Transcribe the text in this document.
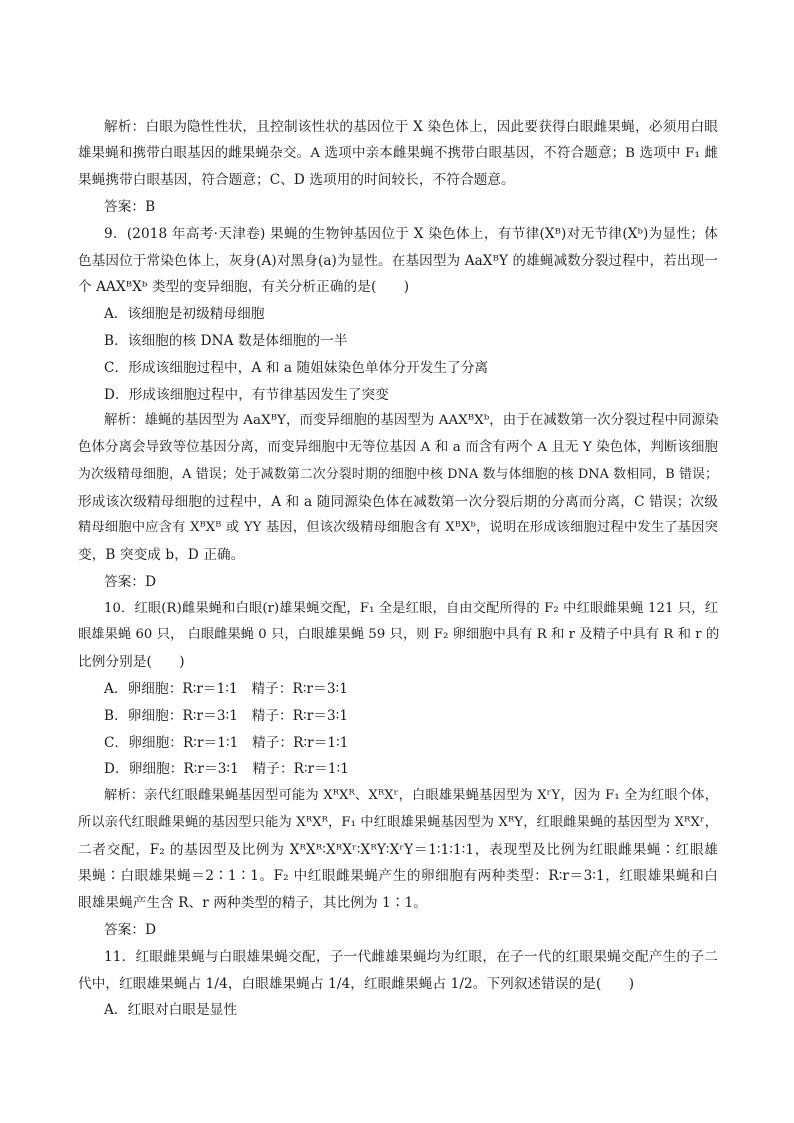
解析：白眼为隐性性状，且控制该性状的基因位于 X 染色体上，因此要获得白眼雌果蝇，必须用白眼
雄果蝇和携带白眼基因的雌果蝇杂交。A 选项中亲本雌果蝇不携带白眼基因，不符合题意；B 选项中 F₁ 雌
果蝇携带白眼基因，符合题意；C、D 选项用的时间较长，不符合题意。
答案：B
9．(2018 年高考·天津卷) 果蝇的生物钟基因位于 X 染色体上，有节律(Xᴮ)对无节律(Xᵇ)为显性；体
色基因位于常染色体上，灰身(A)对黑身(a)为显性。在基因型为 AaXᴮY 的雄蝇减数分裂过程中，若出现一
个 AAXᴮXᵇ 类型的变异细胞，有关分析正确的是(　　)
A．该细胞是初级精母细胞
B．该细胞的核 DNA 数是体细胞的一半
C．形成该细胞过程中，A 和 a 随姐妹染色单体分开发生了分离
D．形成该细胞过程中，有节律基因发生了突变
解析：雄蝇的基因型为 AaXᴮY，而变异细胞的基因型为 AAXᴮXᵇ，由于在减数第一次分裂过程中同源染
色体分离会导致等位基因分离，而变异细胞中无等位基因 A 和 a 而含有两个 A 且无 Y 染色体，判断该细胞
为次级精母细胞，A 错误；处于减数第二次分裂时期的细胞中核 DNA 数与体细胞的核 DNA 数相同，B 错误；
形成该次级精母细胞的过程中，A 和 a 随同源染色体在减数第一次分裂后期的分离而分离，C 错误；次级
精母细胞中应含有 XᴮXᴮ 或 YY 基因，但该次级精母细胞含有 XᴮXᵇ，说明在形成该细胞过程中发生了基因突
变，B 突变成 b，D 正确。
答案：D
10．红眼(R)雌果蝇和白眼(r)雄果蝇交配，F₁ 全是红眼，自由交配所得的 F₂ 中红眼雌果蝇 121 只，红
眼雄果蝇 60 只， 白眼雌果蝇 0 只，白眼雄果蝇 59 只，则 F₂ 卵细胞中具有 R 和 r 及精子中具有 R 和 r 的
比例分别是(　　)
A．卵细胞：R∶r＝1∶1　精子：R∶r＝3∶1
B．卵细胞：R∶r＝3∶1　精子：R∶r＝3∶1
C．卵细胞：R∶r＝1∶1　精子：R∶r＝1∶1
D．卵细胞：R∶r＝3∶1　精子：R∶r＝1∶1
解析：亲代红眼雌果蝇基因型可能为 XᴿXᴿ、XᴿXʳ，白眼雄果蝇基因型为 XʳY，因为 F₁ 全为红眼个体，
所以亲代红眼雌果蝇的基因型只能为 XᴿXᴿ，F₁ 中红眼雄果蝇基因型为 XᴿY，红眼雌果蝇的基因型为 XᴿXʳ，
二者交配，F₂ 的基因型及比例为 XᴿXᴿ∶XᴿXʳ∶XᴿY∶XʳY＝1∶1∶1∶1，表现型及比例为红眼雌果蝇∶红眼雄
果蝇∶白眼雄果蝇＝2∶1∶1。F₂ 中红眼雌果蝇产生的卵细胞有两种类型：R∶r＝3∶1，红眼雄果蝇和白
眼雄果蝇产生含 R、r 两种类型的精子，其比例为 1∶1。
答案：D
11．红眼雌果蝇与白眼雄果蝇交配，子一代雌雄果蝇均为红眼，在子一代的红眼果蝇交配产生的子二
代中，红眼雄果蝇占 1/4，白眼雄果蝇占 1/4，红眼雌果蝇占 1/2。下列叙述错误的是(　　)
A．红眼对白眼是显性
